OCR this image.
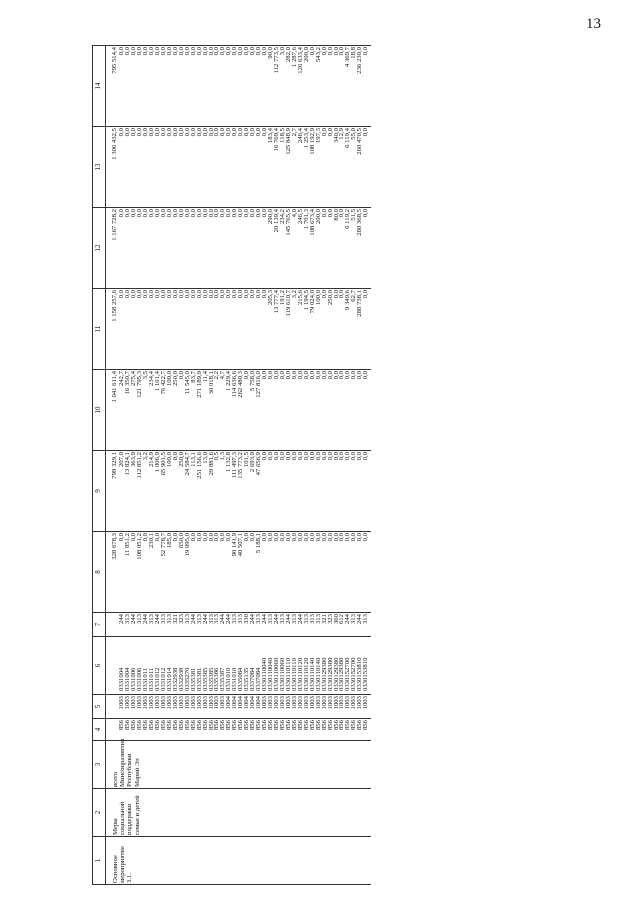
13
1	2	3	4	5	6	7	8	9	10	11	12	13	14
Основное мероприятие 3.1.	Меры социальной поддержки семьи и детей	всего					328 678,3	799 329,1	1 041 611,4	1 158 257,6	1 167 728,2	1 306 432,5	795 514,4
		Минсоцразвития Республики Марий Эл	856	1003	0331004	244	0,0	207,0	242,7	0,0	0,0	0,0	0,0
			856	1003	0331004	313	11 851,2	13 824,1	16 350,7	0,0	0,0	0,0	0,0
			856	1003	0331006	244	0,0	363,9	275,4	0,0	0,0	0,0	0,0
			856	1003	0331006	313	108 051,2	112 851,2	121 795,3	0,0	0,0	0,0	0,0
			856	1003	0331011	244	0,0	3,2	3,5	0,0	0,0	0,0	0,0
			856	1003	0331011	313	230,1	214,9	234,4	0,0	0,0	0,0	0,0
			856	1003	0331012	244	0,0	1 006,9	1 161,4	0,0	0,0	0,0	0,0
			856	1003	0331012	313	52 778,7	65 901,5	76 422,7	0,0	0,0	0,0	0,0
			856	1003	0331014	313	185,0	100,0	100,0	0,0	0,0	0,0	0,0
			856	1003	0332938	321	0,0	0,0	250,0	0,0	0,0	0,0	0,0
			856	1003	0332938	323	650,0	250,0	0,0	0,0	0,0	0,0	0,0
			856	1003	0335270	313	19 095,0	24 584,7	11 545,0	0,0	0,0	0,0	0,0
			856	1003	0335381	244	0,0	113,1	83,7	0,0	0,0	0,0	0,0
			856	1003	0335381	313	0,0	251 156,6	271 189,9	0,0	0,0	0,0	0,0
			856	1003	0335385	244	0,0	13,0	11,4	0,0	0,0	0,0	0,0
			856	1003	0335385	313	0,0	29 881,6	30 018,1	0,0	0,0	0,0	0,0
			856	1003	0335386	313	0,0	0,5	2,2	0,0	0,0	0,0	0,0
			856	1003	0335387	244	0,0	1,3	4,7	0,0	0,0	0,0	0,0
			856	1004	0331010	244	0,0	1 132,8	1 229,4	0,0	0,0	0,0	0,0
			856	1004	0331010	313	90 141,9	111 497,3	114 636,6	0,0	0,0	0,0	0,0
			856	1004	0335084	313	40 507,1	135 773,2	262 480,3	0,0	0,0	0,0	0,0
			856	1004	0335135	330	0,0	101,5	0,0	0,0	0,0	0,0	0,0
			856	1004	0337084	244	0,0	2 693,9	5 758,0	0,0	0,0	0,0	0,0
			856	1004	0337084	313	5 188,1	47 656,9	127 816,0	0,0	0,0	0,0	0,0
			856	1003	0330110040	244	0,0	0,0	0,0	0,0	0,0	0,0	0,0
			856	1003	0330110040	313	0,0	0,0	0,0	205,3	290,0	183,4	90,0
			856	1003	0330110060	244	0,0	0,0	0,0	13 777,4	20 139,4	16 769,4	112 773,5
			856	1003	0330110060	313	0,0	0,0	0,0	191,2	234,2	118,5	3,0
			856	1003	0330110110	244	0,0	0,0	0,0	119 610,7	145 765,5	125 848,9	282,0
			856	1003	0330110110	313	0,0	0,0	0,0	3,2	4,0	2,7	1 287,6
			856	1003	0330110120	244	0,0	0,0	0,0	215,6	246,5	246,4	126 633,4
			856	1003	0330110120	313	0,0	0,0	0,0	1 194,5	1 701,3	1 253,4	200,0
			856	1003	0330110140	313	0,0	0,0	0,0	79 024,0	108 673,4	108 192,9	0,0
			856	1003	0330110140	313	0,0	0,0	0,0	100,0	200,0	197,3	543,2
			856	1003	0330129380	321	0,0	0,0	0,0	0,0	0,0	0,0	0,0
			856	1003	0330129380	323	0,0	0,0	0,0	250,0	0,0	0,0	0,0
			856	1003	0330129380	360	0,0	0,0	0,0	0,0	80,0	340,0	0,0
			856	1003	0330129380	612	0,0	0,0	0,0	0,0	0,0	12,9	0,0
			856	1003	0330152700	244	0,0	0,0	0,0	9 349,6	6 119,2	6 119,4	4 369,7
			856	1003	0330152700	313	0,0	0,0	0,0	62,7	51,5	55,0	18,8
			856	1003	0330153810	244	0,0	0,0	0,0	288 738,1	280 368,5	260 470,5	236 230,0
			856	1003	0330153810	313	0,0	0,0	0,0	0,0	0,0	0,0	0,0
